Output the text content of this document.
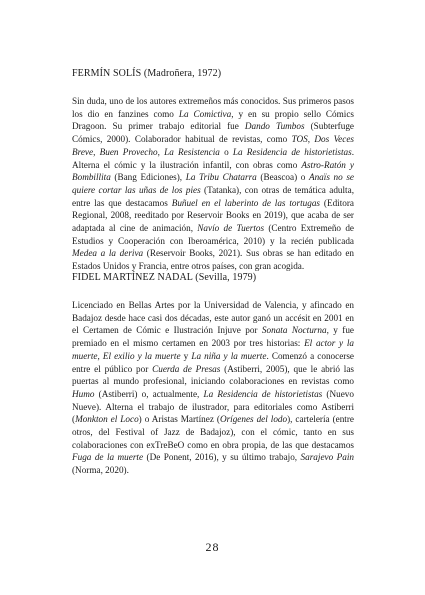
FERMÍN SOLÍS (Madroñera, 1972)
Sin duda, uno de los autores extremeños más conocidos. Sus primeros pasos los dio en fanzines como La Comictiva, y en su propio sello Cómics Dragoon. Su primer trabajo editorial fue Dando Tumbos (Subterfuge Cómics, 2000). Colaborador habitual de revistas, como TOS, Dos Veces Breve, Buen Provecho, La Resistencia o La Residencia de historietistas. Alterna el cómic y la ilustración infantil, con obras como Astro-Ratón y Bombillita (Bang Ediciones), La Tribu Chatarra (Beascoa) o Anaïs no se quiere cortar las uñas de los pies (Tatanka), con otras de temática adulta, entre las que destacamos Buñuel en el laberinto de las tortugas (Editora Regional, 2008, reeditado por Reservoir Books en 2019), que acaba de ser adaptada al cine de animación, Navío de Tuertos (Centro Extremeño de Estudios y Cooperación con Iberoamérica, 2010) y la recién publicada Medea a la deriva (Reservoir Books, 2021). Sus obras se han editado en Estados Unidos y Francia, entre otros países, con gran acogida.
FIDEL MARTÍNEZ NADAL (Sevilla, 1979)
Licenciado en Bellas Artes por la Universidad de Valencia, y afincado en Badajoz desde hace casi dos décadas, este autor ganó un accésit en 2001 en el Certamen de Cómic e Ilustración Injuve por Sonata Nocturna, y fue premiado en el mismo certamen en 2003 por tres historias: El actor y la muerte, El exilio y la muerte y La niña y la muerte. Comenzó a conocerse entre el público por Cuerda de Presas (Astiberri, 2005), que le abrió las puertas al mundo profesional, iniciando colaboraciones en revistas como Humo (Astiberri) o, actualmente, La Residencia de historietistas (Nuevo Nueve). Alterna el trabajo de ilustrador, para editoriales como Astiberri (Monkton el Loco) o Aristas Martínez (Orígenes del lodo), cartelería (entre otros, del Festival of Jazz de Badajoz), con el cómic, tanto en sus colaboraciones con exTreBeO como en obra propia, de las que destacamos Fuga de la muerte (De Ponent, 2016), y su último trabajo, Sarajevo Pain (Norma, 2020).
28
